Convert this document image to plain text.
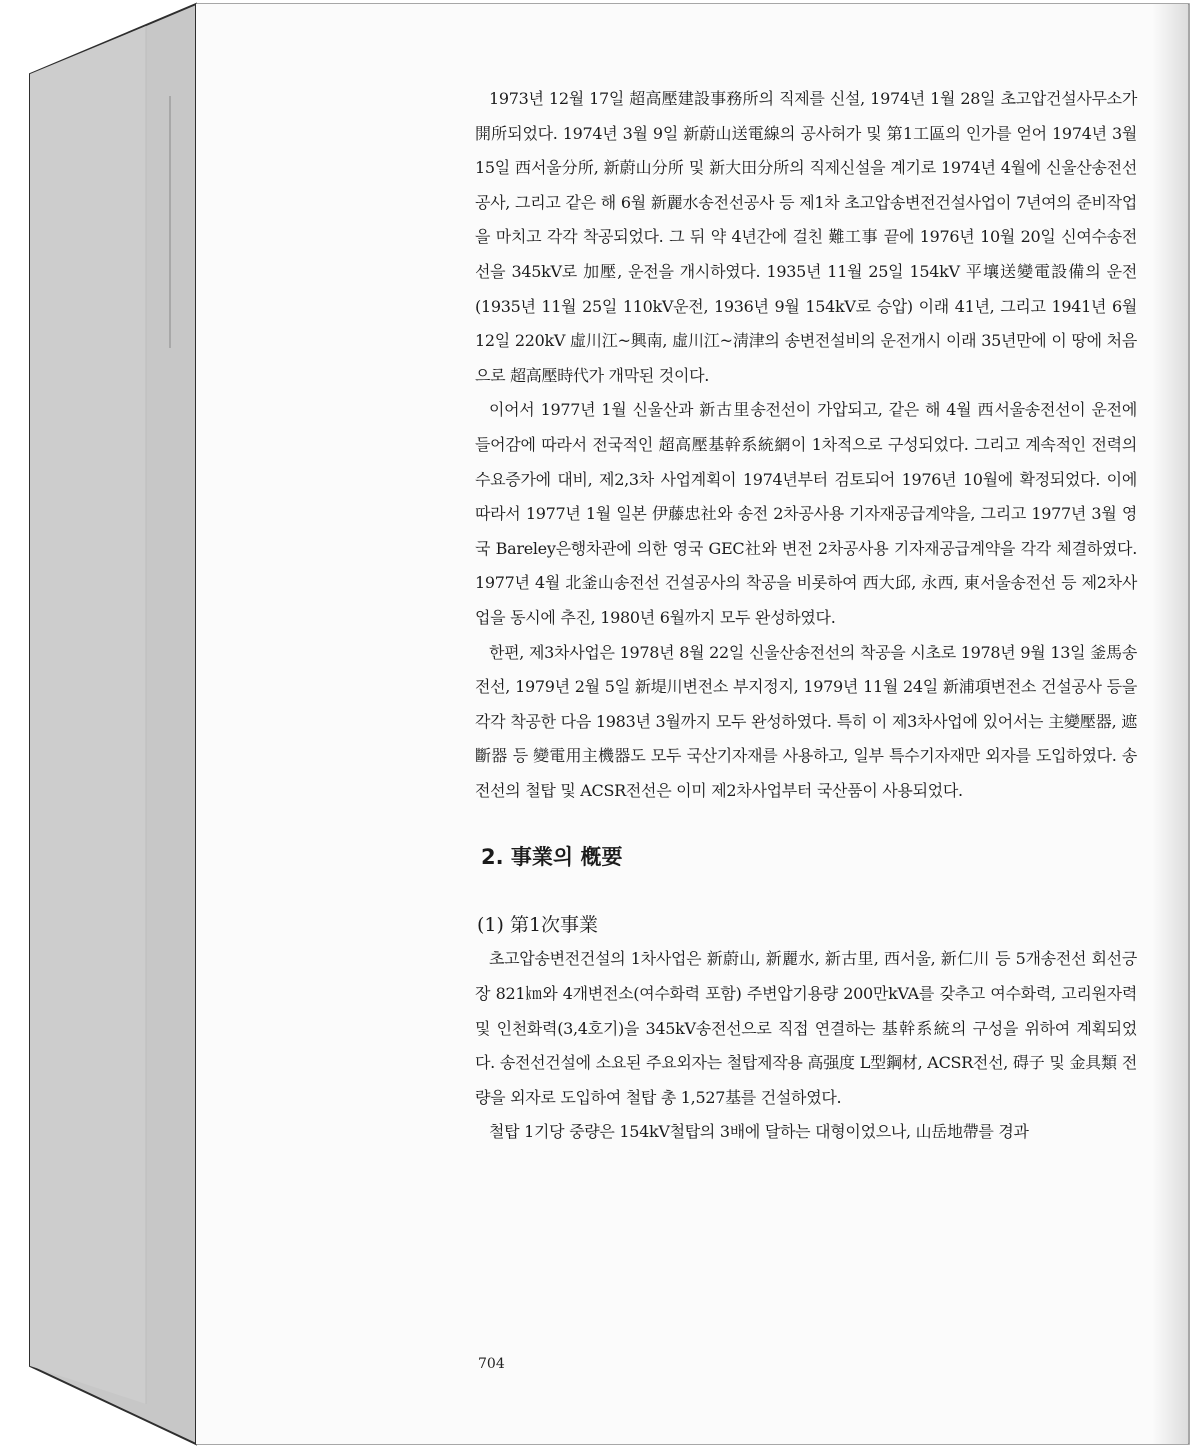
1973년 12월 17일 超高壓建設事務所의 직제를 신설, 1974년 1월 28일 초고압건설사무소가 開所되었다. 1974년 3월 9일 新蔚山送電線의 공사허가 및 第1工區의 인가를 얻어 1974년 3월 15일 西서울分所, 新蔚山分所 및 新大田分所의 직제신설을 계기로 1974년 4월에 신울산송전선공사, 그리고 같은 해 6월 新麗水송전선공사 등 제1차 초고압송변전건설사업이 7년여의 준비작업을 마치고 각각 착공되었다. 그 뒤 약 4년간에 걸친 難工事 끝에 1976년 10월 20일 신여수송전선을 345kV로 加壓, 운전을 개시하였다. 1935년 11월 25일 154kV 平壤送變電設備의 운전(1935년 11월 25일 110kV운전, 1936년 9월 154kV로 승압) 이래 41년, 그리고 1941년 6월 12일 220kV 虛川江~興南, 虛川江~淸津의 송변전설비의 운전개시 이래 35년만에 이 땅에 처음으로 超高壓時代가 개막된 것이다.

이어서 1977년 1월 신울산과 新古里송전선이 가압되고, 같은 해 4월 西서울송전선이 운전에 들어감에 따라서 전국적인 超高壓基幹系統網이 1차적으로 구성되었다. 그리고 계속적인 전력의 수요증가에 대비, 제2,3차 사업계획이 1974년부터 검토되어 1976년 10월에 확정되었다. 이에 따라서 1977년 1월 일본 伊藤忠社와 송전 2차공사용 기자재공급계약을, 그리고 1977년 3월 영국 Bareley은행차관에 의한 영국 GEC社와 변전 2차공사용 기자재공급계약을 각각 체결하였다. 1977년 4월 北釜山송전선 건설공사의 착공을 비롯하여 西大邱, 永西, 東서울송전선 등 제2차사업을 동시에 추진, 1980년 6월까지 모두 완성하였다.

한편, 제3차사업은 1978년 8월 22일 신울산송전선의 착공을 시초로 1978년 9월 13일 釜馬송전선, 1979년 2월 5일 新堤川변전소 부지정지, 1979년 11월 24일 新浦項변전소 건설공사 등을 각각 착공한 다음 1983년 3월까지 모두 완성하였다. 특히 이 제3차사업에 있어서는 主變壓器, 遮斷器 등 變電用主機器도 모두 국산기자재를 사용하고, 일부 특수기자재만 외자를 도입하였다. 송전선의 철탑 및 ACSR전선은 이미 제2차사업부터 국산품이 사용되었다.

2. 事業의 槪要
(1) 第1次事業

초고압송변전건설의 1차사업은 新蔚山, 新麗水, 新古里, 西서울, 新仁川 등 5개송전선 회선긍장 821㎞와 4개변전소(여수화력 포함) 주변압기용량 200만kVA를 갖추고 여수화력, 고리원자력 및 인천화력(3,4호기)을 345kV송전선으로 직접 연결하는 基幹系統의 구성을 위하여 계획되었다. 송전선건설에 소요된 주요외자는 철탑제작용 高强度 L型鋼材, ACSR전선, 碍子 및 金具類 전량을 외자로 도입하여 철탑 총 1,527基를 건설하였다.

철탑 1기당 중량은 154kV철탑의 3배에 달하는 대형이었으나, 山岳地帶를 경과

704
